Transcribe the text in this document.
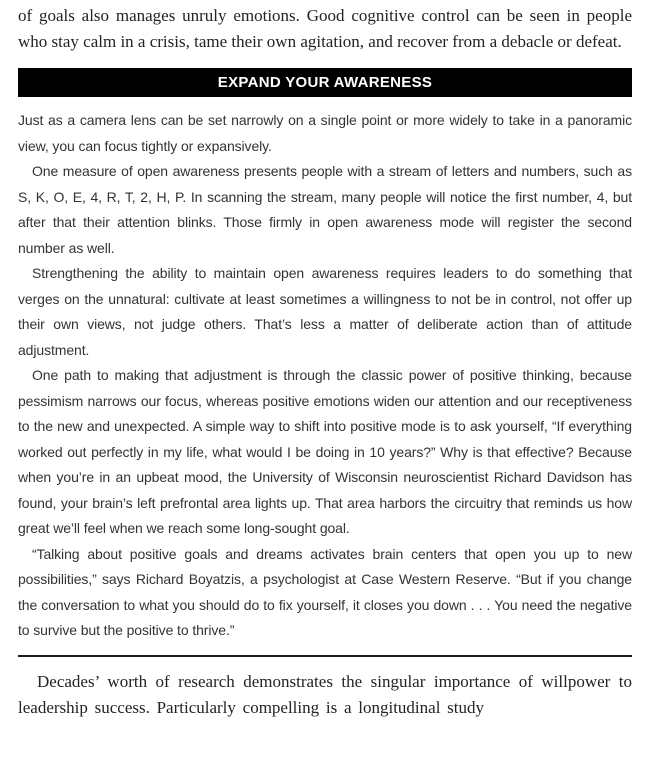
of goals also manages unruly emotions. Good cognitive control can be seen in people who stay calm in a crisis, tame their own agitation, and recover from a debacle or defeat.

EXPAND YOUR AWARENESS

Just as a camera lens can be set narrowly on a single point or more widely to take in a panoramic view, you can focus tightly or expansively.

One measure of open awareness presents people with a stream of letters and numbers, such as S, K, O, E, 4, R, T, 2, H, P. In scanning the stream, many people will notice the first number, 4, but after that their attention blinks. Those firmly in open awareness mode will register the second number as well.

Strengthening the ability to maintain open awareness requires leaders to do something that verges on the unnatural: cultivate at least sometimes a willingness to not be in control, not offer up their own views, not judge others. That’s less a matter of deliberate action than of attitude adjustment.

One path to making that adjustment is through the classic power of positive thinking, because pessimism narrows our focus, whereas positive emotions widen our attention and our receptiveness to the new and unexpected. A simple way to shift into positive mode is to ask yourself, “If everything worked out perfectly in my life, what would I be doing in 10 years?” Why is that effective? Because when you’re in an upbeat mood, the University of Wisconsin neuroscientist Richard Davidson has found, your brain’s left prefrontal area lights up. That area harbors the circuitry that reminds us how great we’ll feel when we reach some long-sought goal.

“Talking about positive goals and dreams activates brain centers that open you up to new possibilities,” says Richard Boyatzis, a psychologist at Case Western Reserve. “But if you change the conversation to what you should do to fix yourself, it closes you down . . . You need the negative to survive but the positive to thrive.”

Decades’ worth of research demonstrates the singular importance of willpower to leadership success. Particularly compelling is a longitudinal study
